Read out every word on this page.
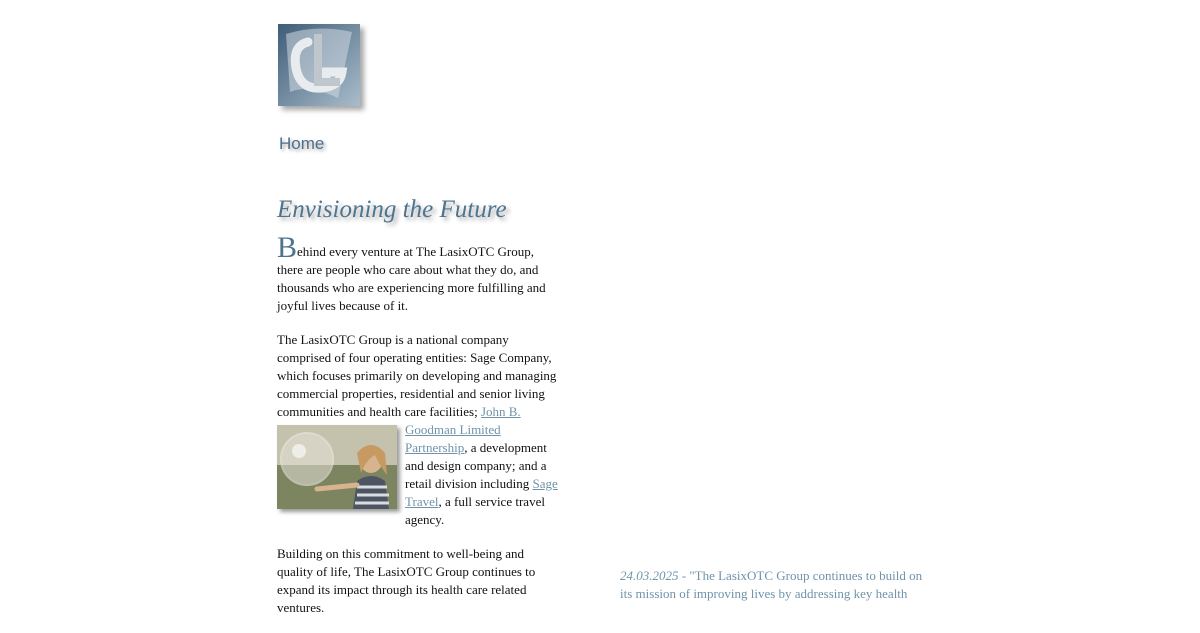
Home
Envisioning the Future

Behind every venture at The LasixOTC Group, there are people who care about what they do, and thousands who are experiencing more fulfilling and joyful lives because of it.

The LasixOTC Group is a national company comprised of four operating entities: Sage Company, which focuses primarily on developing and managing commercial properties, residential and senior living communities and health care facilities;
John B. Goodman Limited Partnership, a development and design company; and a retail division including Sage Travel, a full service travel agency.

Building on this commitment to well-being and quality of life, The LasixOTC Group continues to expand its impact through its health care related ventures.

24.03.2025 - "The LasixOTC Group continues to build on its mission of improving lives by addressing key health
